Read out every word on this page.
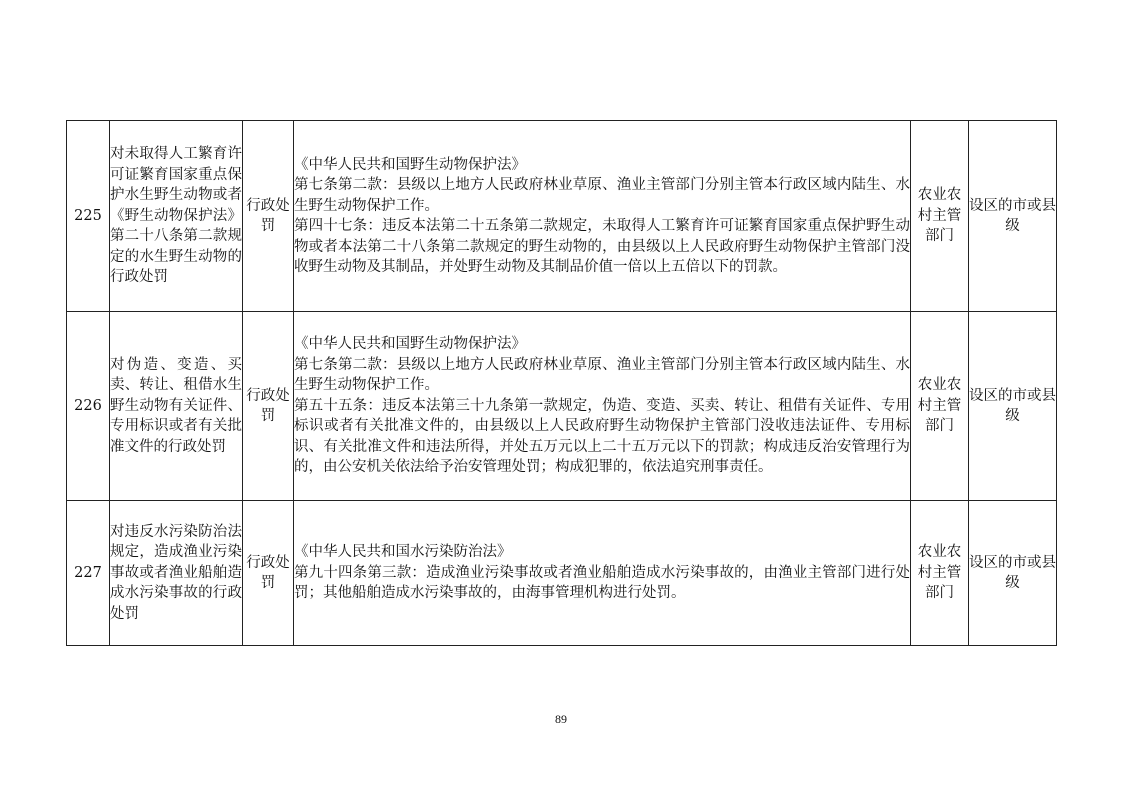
225	对未取得人工繁育许可证繁育国家重点保护水生野生动物或者《野生动物保护法》第二十八条第二款规定的水生野生动物的行政处罚	行政处罚	《中华人民共和国野生动物保护法》
第七条第二款：县级以上地方人民政府林业草原、渔业主管部门分别主管本行政区域内陆生、水生野生动物保护工作。
第四十七条：违反本法第二十五条第二款规定，未取得人工繁育许可证繁育国家重点保护野生动物或者本法第二十八条第二款规定的野生动物的，由县级以上人民政府野生动物保护主管部门没收野生动物及其制品，并处野生动物及其制品价值一倍以上五倍以下的罚款。	农业农村主管部门	设区的市或县级
226	对伪造、变造、买卖、转让、租借水生野生动物有关证件、专用标识或者有关批准文件的行政处罚	行政处罚	《中华人民共和国野生动物保护法》
第七条第二款：县级以上地方人民政府林业草原、渔业主管部门分别主管本行政区域内陆生、水生野生动物保护工作。
第五十五条：违反本法第三十九条第一款规定，伪造、变造、买卖、转让、租借有关证件、专用标识或者有关批准文件的，由县级以上人民政府野生动物保护主管部门没收违法证件、专用标识、有关批准文件和违法所得，并处五万元以上二十五万元以下的罚款；构成违反治安管理行为的，由公安机关依法给予治安管理处罚；构成犯罪的，依法追究刑事责任。	农业农村主管部门	设区的市或县级
227	对违反水污染防治法规定，造成渔业污染事故或者渔业船舶造成水污染事故的行政处罚	行政处罚	《中华人民共和国水污染防治法》
第九十四条第三款：造成渔业污染事故或者渔业船舶造成水污染事故的，由渔业主管部门进行处罚；其他船舶造成水污染事故的，由海事管理机构进行处罚。	农业农村主管部门	设区的市或县级
89
